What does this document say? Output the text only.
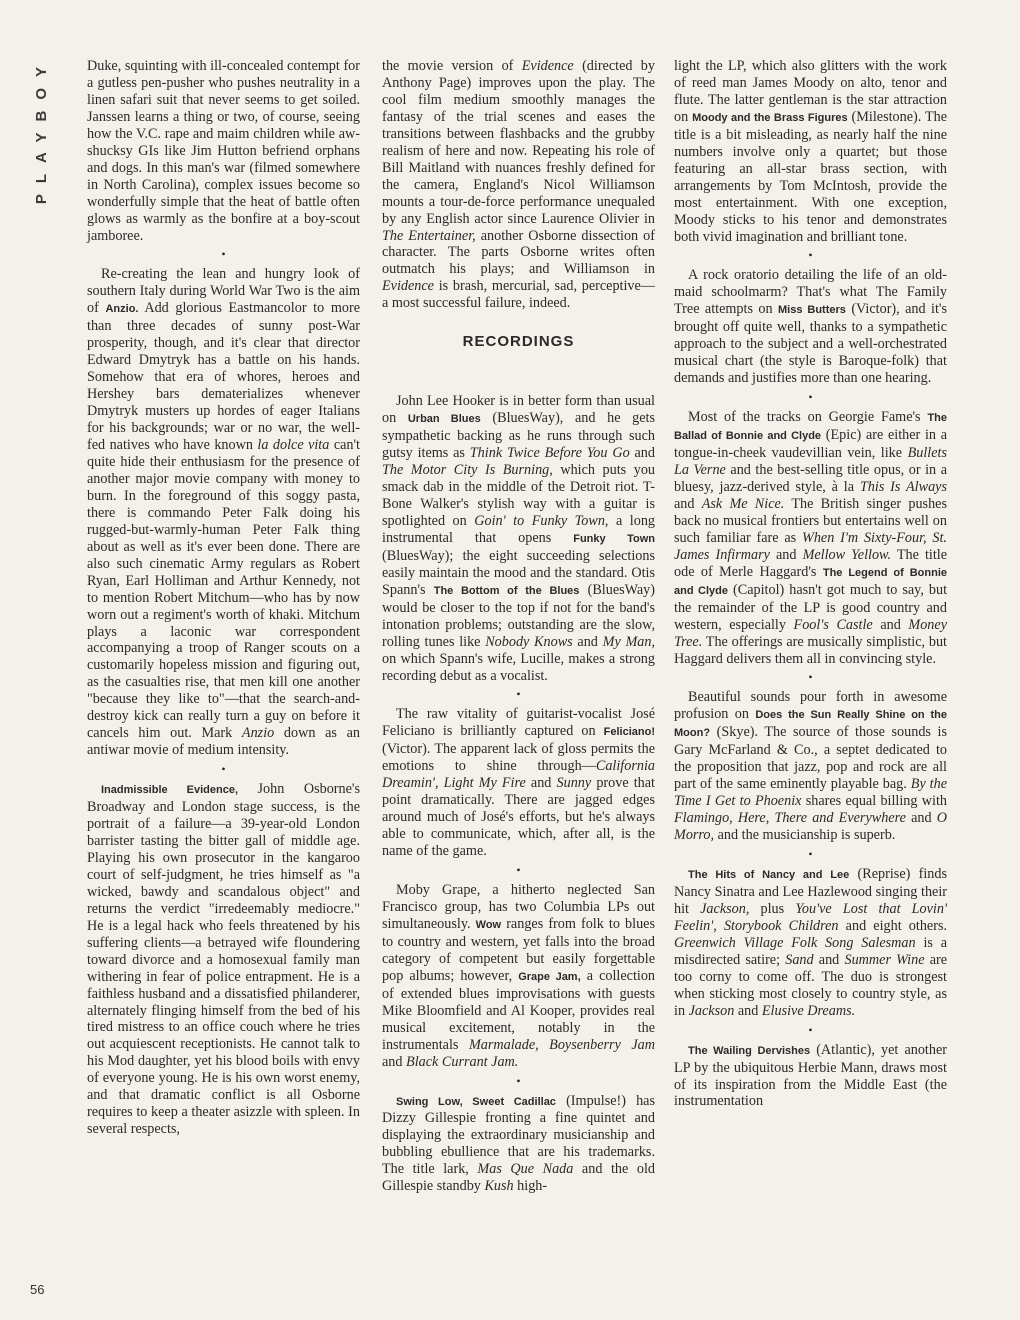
PLAYBOY
56

Duke, squinting with ill-concealed contempt for a gutless pen-pusher who pushes neutrality in a linen safari suit that never seems to get soiled. Janssen learns a thing or two, of course, seeing how the V.C. rape and maim children while aw-shucksy GIs like Jim Hutton befriend orphans and dogs. In this man's war (filmed somewhere in North Carolina), complex issues become so wonderfully simple that the heat of battle often glows as warmly as the bonfire at a boy-scout jamboree.

•

Re-creating the lean and hungry look of southern Italy during World War Two is the aim of Anzio. Add glorious Eastmancolor to more than three decades of sunny post-War prosperity, though, and it's clear that director Edward Dmytryk has a battle on his hands. Somehow that era of whores, heroes and Hershey bars dematerializes whenever Dmytryk musters up hordes of eager Italians for his backgrounds; war or no war, the well-fed natives who have known la dolce vita can't quite hide their enthusiasm for the presence of another major movie company with money to burn. In the foreground of this soggy pasta, there is commando Peter Falk doing his rugged-but-warmly-human Peter Falk thing about as well as it's ever been done. There are also such cinematic Army regulars as Robert Ryan, Earl Holliman and Arthur Kennedy, not to mention Robert Mitchum—who has by now worn out a regiment's worth of khaki. Mitchum plays a laconic war correspondent accompanying a troop of Ranger scouts on a customarily hopeless mission and figuring out, as the casualties rise, that men kill one another "because they like to"—that the search-and-destroy kick can really turn a guy on before it cancels him out. Mark Anzio down as an antiwar movie of medium intensity.

•

Inadmissible Evidence, John Osborne's Broadway and London stage success, is the portrait of a failure—a 39-year-old London barrister tasting the bitter gall of middle age. Playing his own prosecutor in the kangaroo court of self-judgment, he tries himself as "a wicked, bawdy and scandalous object" and returns the verdict "irredeemably mediocre." He is a legal hack who feels threatened by his suffering clients—a betrayed wife floundering toward divorce and a homosexual family man withering in fear of police entrapment. He is a faithless husband and a dissatisfied philanderer, alternately flinging himself from the bed of his tired mistress to an office couch where he tries out acquiescent receptionists. He cannot talk to his Mod daughter, yet his blood boils with envy of everyone young. He is his own worst enemy, and that dramatic conflict is all Osborne requires to keep a theater asizzle with spleen. In several respects,

the movie version of Evidence (directed by Anthony Page) improves upon the play. The cool film medium smoothly manages the fantasy of the trial scenes and eases the transitions between flashbacks and the grubby realism of here and now. Repeating his role of Bill Maitland with nuances freshly defined for the camera, England's Nicol Williamson mounts a tour-de-force performance unequaled by any English actor since Laurence Olivier in The Entertainer, another Osborne dissection of character. The parts Osborne writes often outmatch his plays; and Williamson in Evidence is brash, mercurial, sad, perceptive—a most successful failure, indeed.

RECORDINGS

John Lee Hooker is in better form than usual on Urban Blues (BluesWay), and he gets sympathetic backing as he runs through such gutsy items as Think Twice Before You Go and The Motor City Is Burning, which puts you smack dab in the middle of the Detroit riot. T-Bone Walker's stylish way with a guitar is spotlighted on Goin' to Funky Town, a long instrumental that opens Funky Town (BluesWay); the eight succeeding selections easily maintain the mood and the standard. Otis Spann's The Bottom of the Blues (BluesWay) would be closer to the top if not for the band's intonation problems; outstanding are the slow, rolling tunes like Nobody Knows and My Man, on which Spann's wife, Lucille, makes a strong recording debut as a vocalist.

•

The raw vitality of guitarist-vocalist José Feliciano is brilliantly captured on Feliciano! (Victor). The apparent lack of gloss permits the emotions to shine through—California Dreamin', Light My Fire and Sunny prove that point dramatically. There are jagged edges around much of José's efforts, but he's always able to communicate, which, after all, is the name of the game.

•

Moby Grape, a hitherto neglected San Francisco group, has two Columbia LPs out simultaneously. Wow ranges from folk to blues to country and western, yet falls into the broad category of competent but easily forgettable pop albums; however, Grape Jam, a collection of extended blues improvisations with guests Mike Bloomfield and Al Kooper, provides real musical excitement, notably in the instrumentals Marmalade, Boysenberry Jam and Black Currant Jam.

•

Swing Low, Sweet Cadillac (Impulse!) has Dizzy Gillespie fronting a fine quintet and displaying the extraordinary musicianship and bubbling ebullience that are his trademarks. The title lark, Mas Que Nada and the old Gillespie standby Kush high-

light the LP, which also glitters with the work of reed man James Moody on alto, tenor and flute. The latter gentleman is the star attraction on Moody and the Brass Figures (Milestone). The title is a bit misleading, as nearly half the nine numbers involve only a quartet; but those featuring an all-star brass section, with arrangements by Tom McIntosh, provide the most entertainment. With one exception, Moody sticks to his tenor and demonstrates both vivid imagination and brilliant tone.

•

A rock oratorio detailing the life of an old-maid schoolmarm? That's what The Family Tree attempts on Miss Butters (Victor), and it's brought off quite well, thanks to a sympathetic approach to the subject and a well-orchestrated musical chart (the style is Baroque-folk) that demands and justifies more than one hearing.

•

Most of the tracks on Georgie Fame's The Ballad of Bonnie and Clyde (Epic) are either in a tongue-in-cheek vaudevillian vein, like Bullets La Verne and the best-selling title opus, or in a bluesy, jazz-derived style, à la This Is Always and Ask Me Nice. The British singer pushes back no musical frontiers but entertains well on such familiar fare as When I'm Sixty-Four, St. James Infirmary and Mellow Yellow. The title ode of Merle Haggard's The Legend of Bonnie and Clyde (Capitol) hasn't got much to say, but the remainder of the LP is good country and western, especially Fool's Castle and Money Tree. The offerings are musically simplistic, but Haggard delivers them all in convincing style.

•

Beautiful sounds pour forth in awesome profusion on Does the Sun Really Shine on the Moon? (Skye). The source of those sounds is Gary McFarland & Co., a septet dedicated to the proposition that jazz, pop and rock are all part of the same eminently playable bag. By the Time I Get to Phoenix shares equal billing with Flamingo, Here, There and Everywhere and O Morro, and the musicianship is superb.

•

The Hits of Nancy and Lee (Reprise) finds Nancy Sinatra and Lee Hazlewood singing their hit Jackson, plus You've Lost that Lovin' Feelin', Storybook Children and eight others. Greenwich Village Folk Song Salesman is a misdirected satire; Sand and Summer Wine are too corny to come off. The duo is strongest when sticking most closely to country style, as in Jackson and Elusive Dreams.

•

The Wailing Dervishes (Atlantic), yet another LP by the ubiquitous Herbie Mann, draws most of its inspiration from the Middle East (the instrumentation
